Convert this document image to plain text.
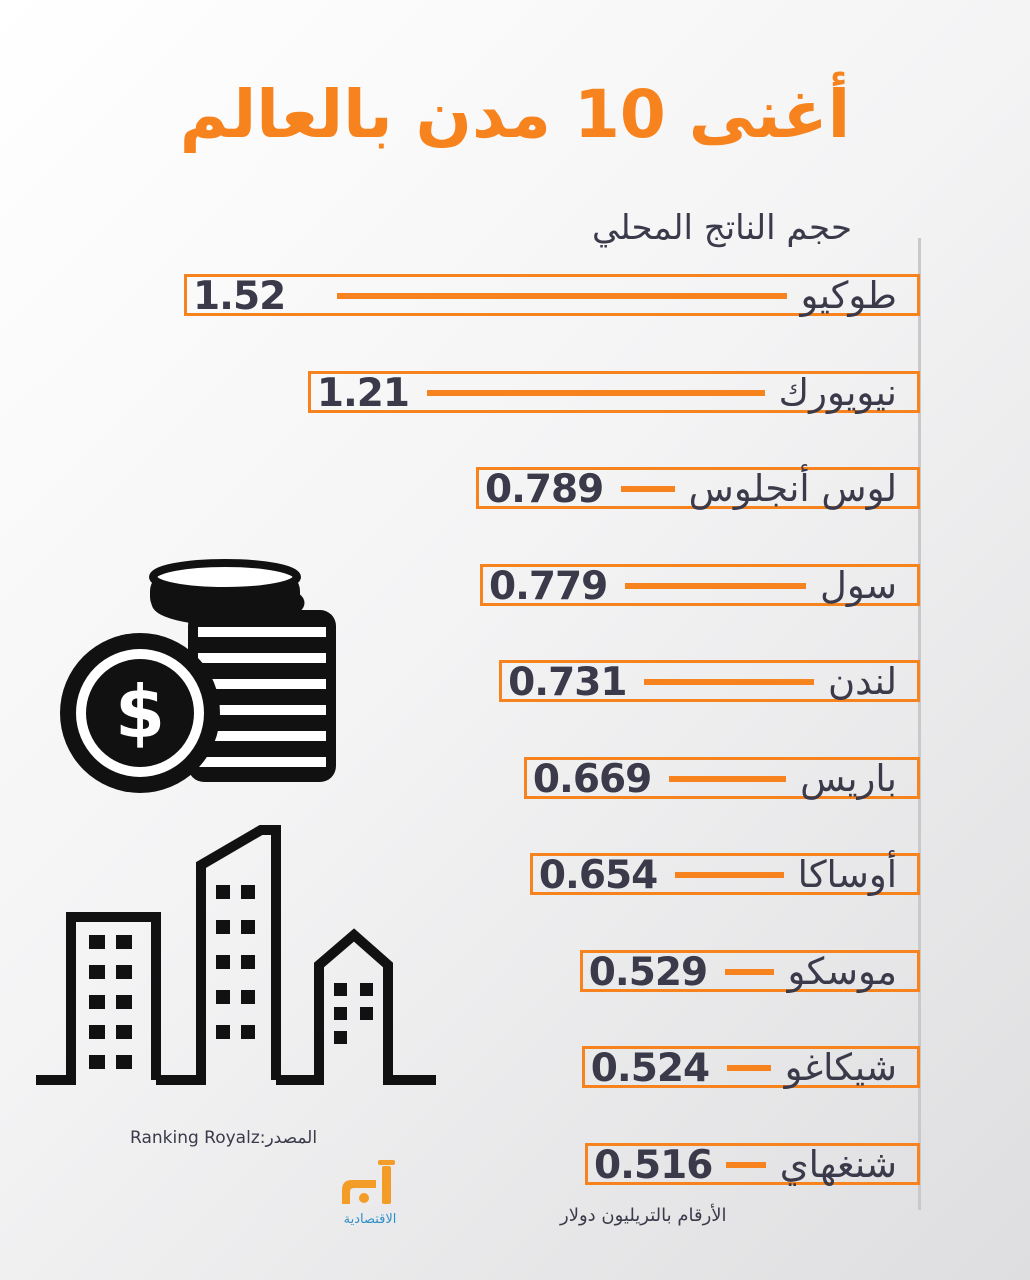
أغنى 10 مدن بالعالم
حجم الناتج المحلي
1.52	طوكيو
1.21	نيويورك
0.789 لوس أنجلوس
0.779	سول
0.731	لندن
0.669	باريس
0.654	أوساكا
0.529 موسكو
0.524 شيكاغو
0.516 شنغهاي
$
Ranking Royalz:المصدر
الاقتصادية	الأرقام بالتريليون دولار
